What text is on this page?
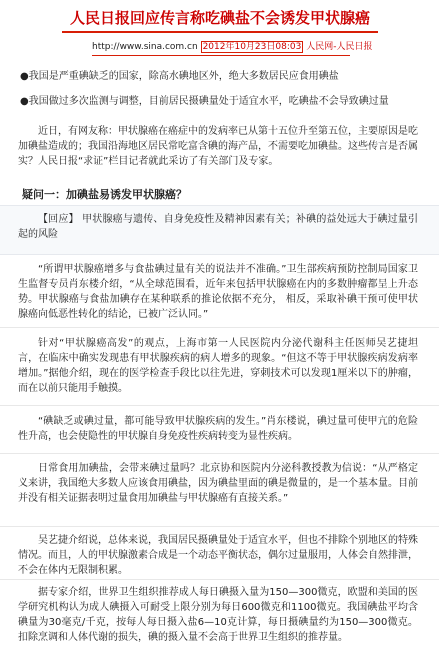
人民日报回应传言称吃碘盐不会诱发甲状腺癌
http://www.sina.com.cn 2012年10月23日08:03 人民网-人民日报
●我国是严重碘缺乏的国家，除高水碘地区外，绝大多数居民应食用碘盐
●我国做过多次监测与调整，目前居民摄碘量处于适宜水平，吃碘盐不会导致碘过量
近日，有网友称：甲状腺癌在癌症中的发病率已从第十五位升至第五位，主要原因是吃加碘盐造成的；我国沿海地区居民常吃富含碘的海产品，不需要吃加碘盐。这些传言是否属实？人民日报“求证”栏目记者就此采访了有关部门及专家。
疑问一：加碘盐易诱发甲状腺癌？
【回应】 甲状腺癌与遗传、自身免疫性及精神因素有关；补碘的益处远大于碘过量引起的风险
“所谓甲状腺癌增多与食盐碘过量有关的说法并不准确。”卫生部疾病预防控制局国家卫生监督专员肖东楼介绍，“从全球范围看，近年来包括甲状腺癌在内的多数肿瘤都呈上升态势。甲状腺癌与食盐加碘存在某种联系的推论依据不充分， 相反，采取补碘干预可使甲状腺癌向低恶性转化的结论，已被广泛认同。”
针对“甲状腺癌高发”的观点，上海市第一人民医院内分泌代谢科主任医师吴艺捷坦言，在临床中确实发现患有甲状腺疾病的病人增多的现象。“但这不等于甲状腺疾病发病率增加。”据他介绍，现在的医学检查手段比以往先进，穿刺技术可以发现1厘米以下的肿瘤，而在以前只能用手触摸。
“碘缺乏或碘过量，都可能导致甲状腺疾病的发生。”肖东楼说，碘过量可使甲亢的危险性升高，也会使隐性的甲状腺自身免疫性疾病转变为显性疾病。
日常食用加碘盐，会带来碘过量吗？北京协和医院内分泌科教授教为信说：“从严格定义来讲，我国绝大多数人应该食用碘盐，因为碘盐里面的碘是微量的，是一个基本量。目前并没有相关证据表明过量食用加碘盐与甲状腺癌有直接关系。”
吴艺捷介绍说，总体来说，我国居民摄碘量处于适宜水平，但也不排除个别地区的特殊情况。而且，人的甲状腺激素合成是一个动态平衡状态，偶尔过量服用，人体会自然排泄，不会在体内无限制积累。
据专家介绍，世界卫生组织推荐成人每日碘摄入量为150—300微克，欧盟和美国的医学研究机构认为成人碘摄入可耐受上限分别为每日600微克和1100微克。我国碘盐平均含碘量为30毫克/千克，按每人每日摄入盐6—10克计算，每日摄碘量约为150—300微克。扣除烹调和人体代谢的损失，碘的摄入量不会高于世界卫生组织的推荐量。
